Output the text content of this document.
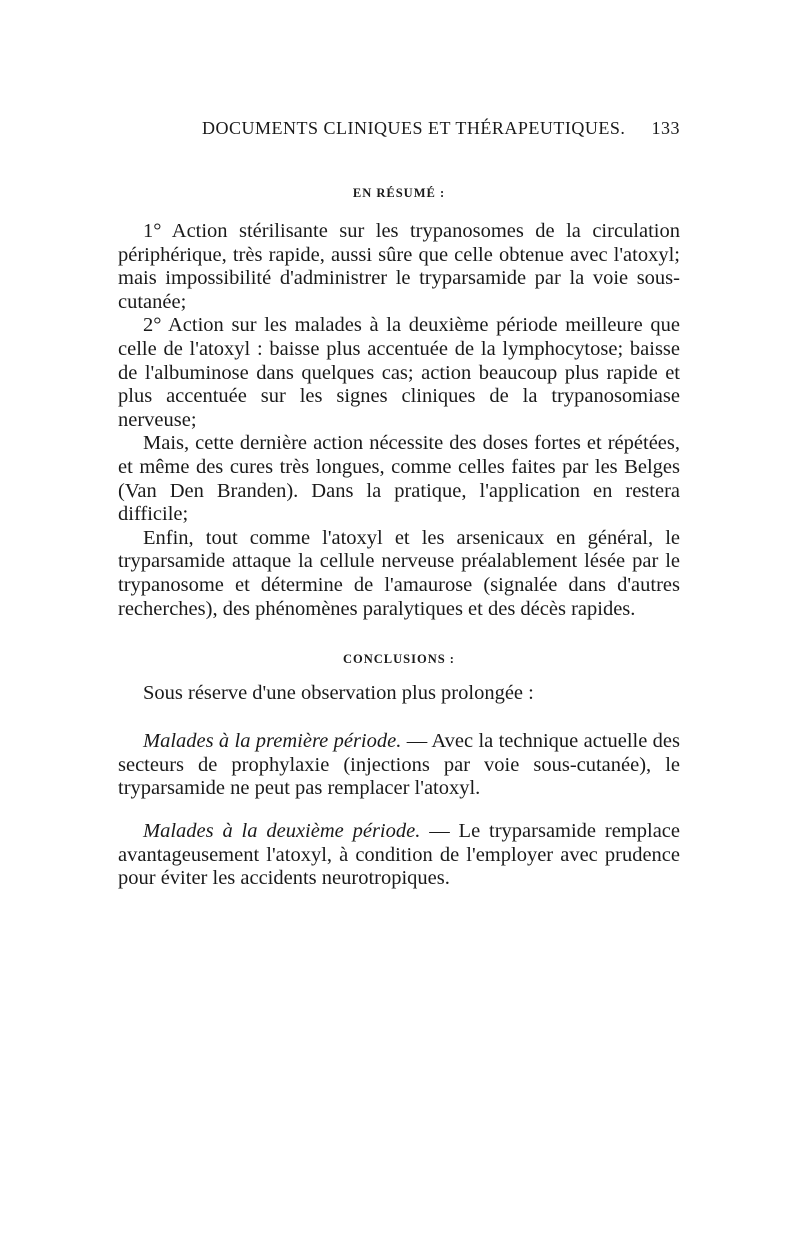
DOCUMENTS CLINIQUES ET THÉRAPEUTIQUES. 133
EN RÉSUMÉ :

1° Action stérilisante sur les trypanosomes de la circulation périphérique, très rapide, aussi sûre que celle obtenue avec l'atoxyl; mais impossibilité d'administrer le tryparsamide par la voie sous-cutanée;

2° Action sur les malades à la deuxième période meilleure que celle de l'atoxyl : baisse plus accentuée de la lymphocytose; baisse de l'albuminose dans quelques cas; action beaucoup plus rapide et plus accentuée sur les signes cliniques de la trypanosomiase nerveuse;

Mais, cette dernière action nécessite des doses fortes et répétées, et même des cures très longues, comme celles faites par les Belges (Van Den Branden). Dans la pratique, l'application en restera difficile;

Enfin, tout comme l'atoxyl et les arsenicaux en général, le tryparsamide attaque la cellule nerveuse préalablement lésée par le trypanosome et détermine de l'amaurose (signalée dans d'autres recherches), des phénomènes paralytiques et des décès rapides.

CONCLUSIONS :

Sous réserve d'une observation plus prolongée :

Malades à la première période. — Avec la technique actuelle des secteurs de prophylaxie (injections par voie sous-cutanée), le tryparsamide ne peut pas remplacer l'atoxyl.

Malades à la deuxième période. — Le tryparsamide remplace avantageusement l'atoxyl, à condition de l'employer avec prudence pour éviter les accidents neurotropiques.
